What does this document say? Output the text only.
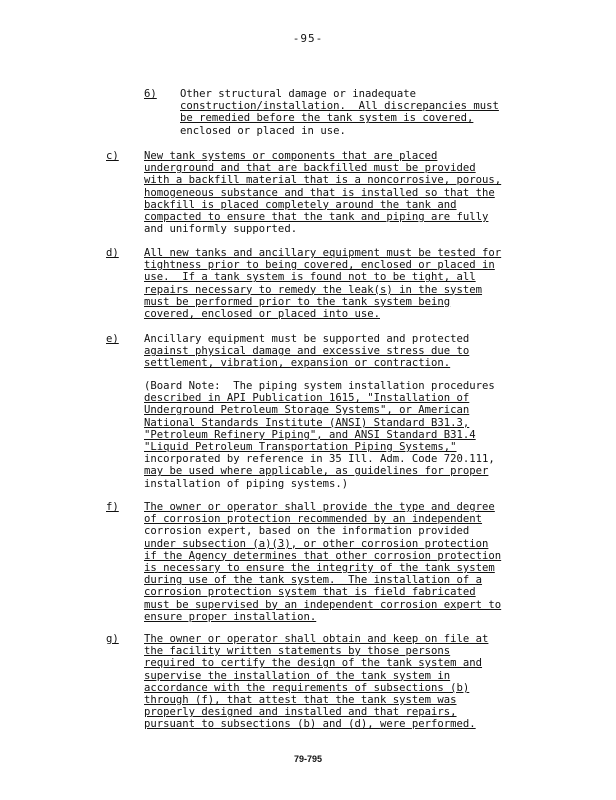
-95-
6) Other structural damage or inadequate
construction/installation.  All discrepancies must
be remedied before the tank system is covered,
enclosed or placed in use.
c) New tank systems or components that are placed
underground and that are backfilled must be provided
with a backfill material that is a noncorrosive, porous,
homogeneous substance and that is installed so that the
backfill is placed completely around the tank and
compacted to ensure that the tank and piping are fully
and uniformly supported.
d) All new tanks and ancillary equipment must be tested for
tightness prior to being covered, enclosed or placed in
use.  If a tank system is found not to be tight, all
repairs necessary to remedy the leak(s) in the system
must be performed prior to the tank system being
covered, enclosed or placed into use.
e) Ancillary equipment must be supported and protected
against physical damage and excessive stress due to
settlement, vibration, expansion or contraction.
(Board Note:  The piping system installation procedures
described in API Publication 1615, "Installation of
Underground Petroleum Storage Systems", or American
National Standards Institute (ANSI) Standard B31.3,
"Petroleum Refinery Piping", and ANSI Standard B31.4
"Liquid Petroleum Transportation Piping Systems,"
incorporated by reference in 35 Ill. Adm. Code 720.111,
may be used where applicable, as guidelines for proper
installation of piping systems.)
f) The owner or operator shall provide the type and degree
of corrosion protection recommended by an independent
corrosion expert, based on the information provided
under subsection (a)(3), or other corrosion protection
if the Agency determines that other corrosion protection
is necessary to ensure the integrity of the tank system
during use of the tank system.  The installation of a
corrosion protection system that is field fabricated
must be supervised by an independent corrosion expert to
ensure proper installation.
g) The owner or operator shall obtain and keep on file at
the facility written statements by those persons
required to certify the design of the tank system and
supervise the installation of the tank system in
accordance with the requirements of subsections (b)
through (f), that attest that the tank system was
properly designed and installed and that repairs,
pursuant to subsections (b) and (d), were performed.
79-795
